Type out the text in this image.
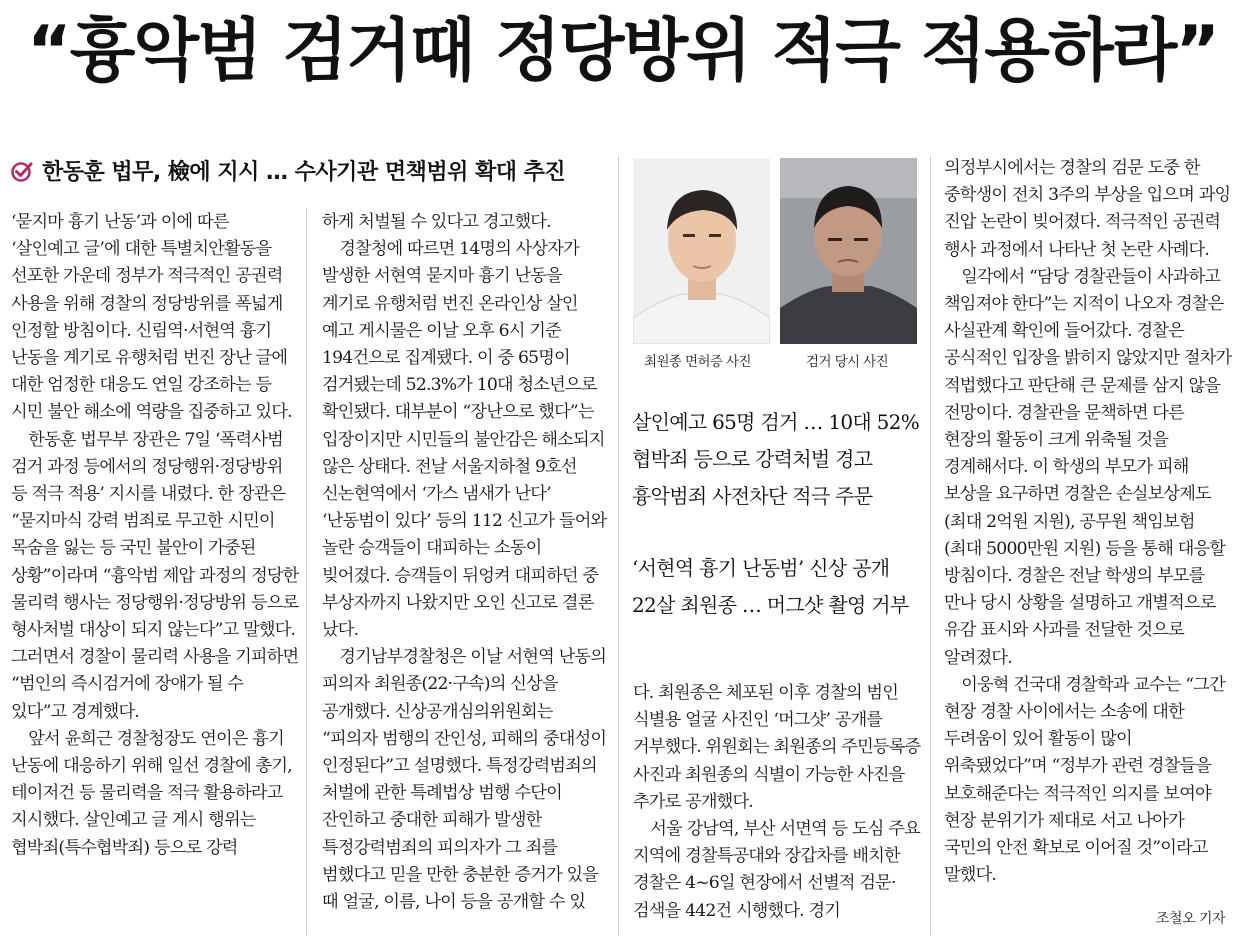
“흉악범 검거때 정당방위 적극 적용하라”
한동훈 법무, 檢에 지시 … 수사기관 면책범위 확대 추진

‘묻지마 흉기 난동’과 이에 따른 ‘살인예고 글’에 대한 특별치안활동을 선포한 가운데 정부가 적극적인 공권력 사용을 위해 경찰의 정당방위를 폭넓게 인정할 방침이다. 신림역·서현역 흉기 난동을 계기로 유행처럼 번진 장난 글에 대한 엄정한 대응도 연일 강조하는 등 시민 불안 해소에 역량을 집중하고 있다.

한동훈 법무부 장관은 7일 ‘폭력사범 검거 과정 등에서의 정당행위·정당방위 등 적극 적용’ 지시를 내렸다. 한 장관은 “묻지마식 강력 범죄로 무고한 시민이 목숨을 잃는 등 국민 불안이 가중된 상황”이라며 “흉악범 제압 과정의 정당한 물리력 행사는 정당행위·정당방위 등으로 형사처벌 대상이 되지 않는다”고 말했다. 그러면서 경찰이 물리력 사용을 기피하면 “범인의 즉시검거에 장애가 될 수 있다”고 경계했다.

앞서 윤희근 경찰청장도 연이은 흉기 난동에 대응하기 위해 일선 경찰에 총기, 테이저건 등 물리력을 적극 활용하라고 지시했다. 살인예고 글 게시 행위는 협박죄(특수협박죄) 등으로 강력

하게 처벌될 수 있다고 경고했다.

경찰청에 따르면 14명의 사상자가 발생한 서현역 묻지마 흉기 난동을 계기로 유행처럼 번진 온라인상 살인 예고 게시물은 이날 오후 6시 기준 194건으로 집계됐다. 이 중 65명이 검거됐는데 52.3%가 10대 청소년으로 확인됐다. 대부분이 “장난으로 했다”는 입장이지만 시민들의 불안감은 해소되지 않은 상태다. 전날 서울지하철 9호선 신논현역에서 ‘가스 냄새가 난다’ ‘난동범이 있다’ 등의 112 신고가 들어와 놀란 승객들이 대피하는 소동이 빚어졌다. 승객들이 뒤엉켜 대피하던 중 부상자까지 나왔지만 오인 신고로 결론 났다.

경기남부경찰청은 이날 서현역 난동의 피의자 최원종(22·구속)의 신상을 공개했다. 신상공개심의위원회는 “피의자 범행의 잔인성, 피해의 중대성이 인정된다”고 설명했다. 특정강력범죄의 처벌에 관한 특례법상 범행 수단이 잔인하고 중대한 피해가 발생한 특정강력범죄의 피의자가 그 죄를 범했다고 믿을 만한 충분한 증거가 있을 때 얼굴, 이름, 나이 등을 공개할 수 있

최원종 면허증 사진	검거 당시 사진
살인예고 65명 검거 … 10대 52%
협박죄 등으로 강력처벌 경고
흉악범죄 사전차단 적극 주문
‘서현역 흉기 난동범’ 신상 공개
22살 최원종 … 머그샷 촬영 거부

다. 최원종은 체포된 이후 경찰의 범인 식별용 얼굴 사진인 ‘머그샷’ 공개를 거부했다. 위원회는 최원종의 주민등록증 사진과 최원종의 식별이 가능한 사진을 추가로 공개했다.

서울 강남역, 부산 서면역 등 도심 주요 지역에 경찰특공대와 장갑차를 배치한 경찰은 4~6일 현장에서 선별적 검문·검색을 442건 시행했다. 경기

의정부시에서는 경찰의 검문 도중 한 중학생이 전치 3주의 부상을 입으며 과잉 진압 논란이 빚어졌다. 적극적인 공권력 행사 과정에서 나타난 첫 논란 사례다.

일각에서 “담당 경찰관들이 사과하고 책임져야 한다”는 지적이 나오자 경찰은 사실관계 확인에 들어갔다. 경찰은 공식적인 입장을 밝히지 않았지만 절차가 적법했다고 판단해 큰 문제를 삼지 않을 전망이다. 경찰관을 문책하면 다른 현장의 활동이 크게 위축될 것을 경계해서다. 이 학생의 부모가 피해 보상을 요구하면 경찰은 손실보상제도(최대 2억원 지원), 공무원 책임보험(최대 5000만원 지원) 등을 통해 대응할 방침이다. 경찰은 전날 학생의 부모를 만나 당시 상황을 설명하고 개별적으로 유감 표시와 사과를 전달한 것으로 알려졌다.

이웅혁 건국대 경찰학과 교수는 “그간 현장 경찰 사이에서는 소송에 대한 두려움이 있어 활동이 많이 위축됐었다”며 “정부가 관련 경찰들을 보호해준다는 적극적인 의지를 보여야 현장 분위기가 제대로 서고 나아가 국민의 안전 확보로 이어질 것”이라고 말했다.

조철오 기자
